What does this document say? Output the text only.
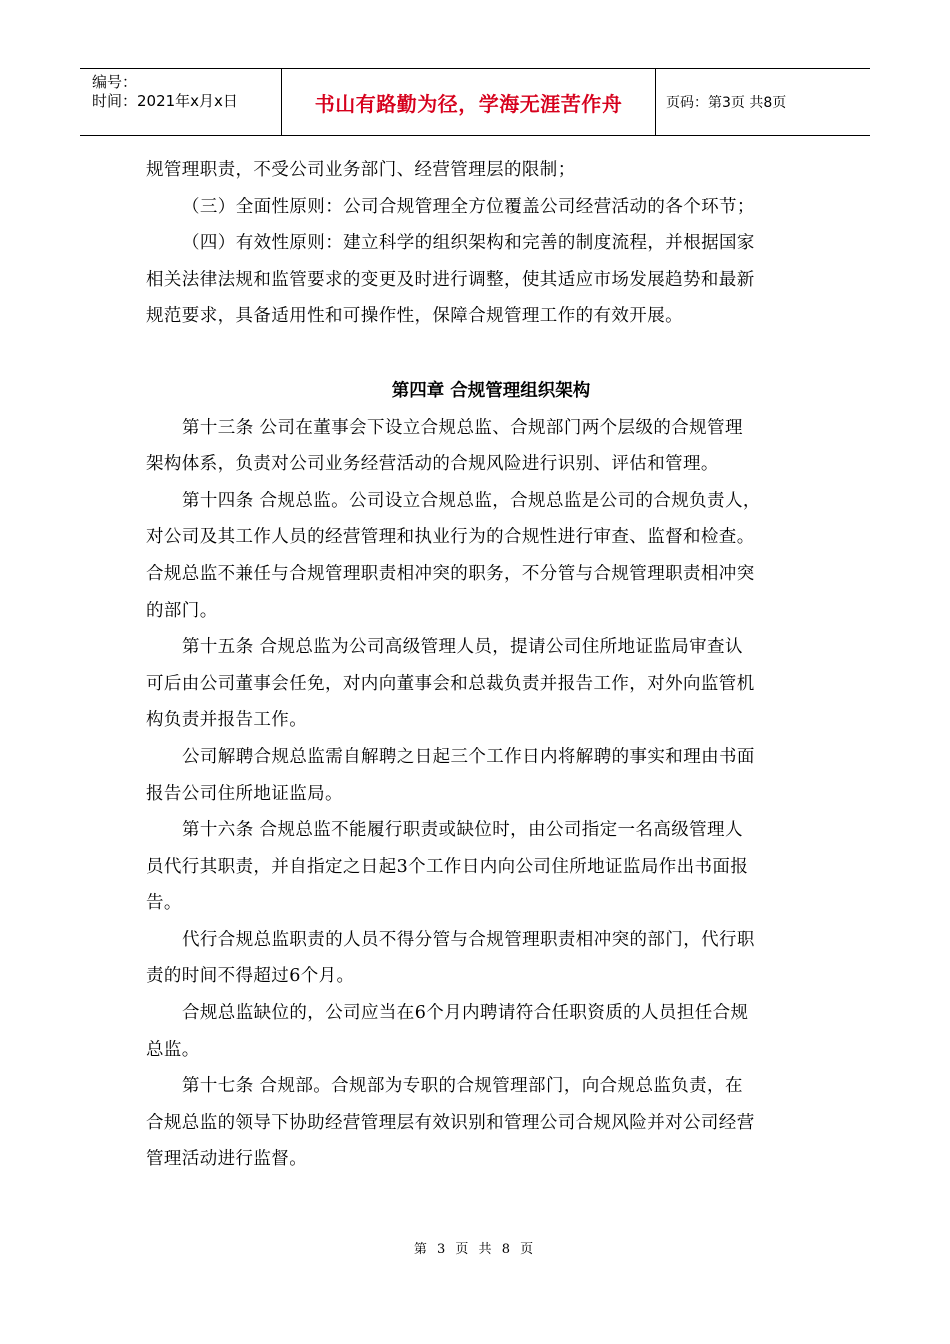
编号：
时间：2021年x月x日	书山有路勤为径，学海无涯苦作舟	页码：第3页 共8页
规管理职责，不受公司业务部门、经营管理层的限制；
（三）全面性原则：公司合规管理全方位覆盖公司经营活动的各个环节；
（四）有效性原则：建立科学的组织架构和完善的制度流程，并根据国家
相关法律法规和监管要求的变更及时进行调整，使其适应市场发展趋势和最新
规范要求，具备适用性和可操作性，保障合规管理工作的有效开展。
第四章 合规管理组织架构
第十三条 公司在董事会下设立合规总监、合规部门两个层级的合规管理
架构体系，负责对公司业务经营活动的合规风险进行识别、评估和管理。
第十四条 合规总监。公司设立合规总监，合规总监是公司的合规负责人，
对公司及其工作人员的经营管理和执业行为的合规性进行审查、监督和检查。
合规总监不兼任与合规管理职责相冲突的职务，不分管与合规管理职责相冲突
的部门。
第十五条 合规总监为公司高级管理人员，提请公司住所地证监局审查认
可后由公司董事会任免，对内向董事会和总裁负责并报告工作，对外向监管机
构负责并报告工作。
公司解聘合规总监需自解聘之日起三个工作日内将解聘的事实和理由书面
报告公司住所地证监局。
第十六条 合规总监不能履行职责或缺位时，由公司指定一名高级管理人
员代行其职责，并自指定之日起3个工作日内向公司住所地证监局作出书面报
告。
代行合规总监职责的人员不得分管与合规管理职责相冲突的部门，代行职
责的时间不得超过6个月。
合规总监缺位的，公司应当在6个月内聘请符合任职资质的人员担任合规
总监。
第十七条 合规部。合规部为专职的合规管理部门，向合规总监负责，在
合规总监的领导下协助经营管理层有效识别和管理公司合规风险并对公司经营
管理活动进行监督。
第 3 页 共 8 页
